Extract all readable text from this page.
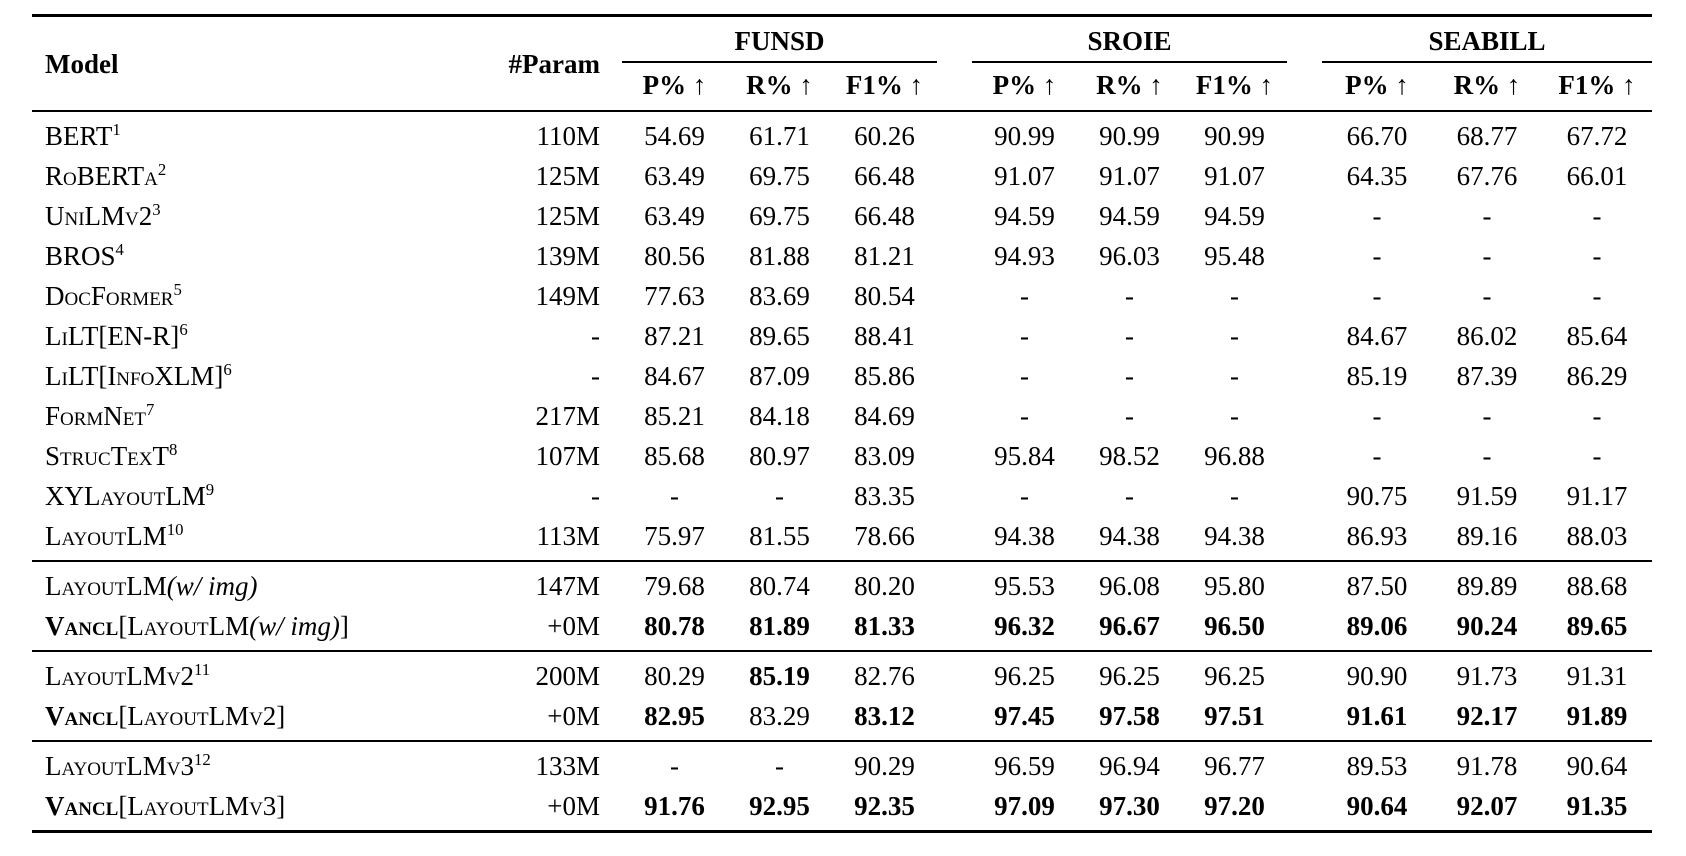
Model	#Param		FUNSD				SROIE				SEABILL		
			P% ↑	R% ↑	F1% ↑		P% ↑	R% ↑	F1% ↑		P% ↑	R% ↑	F1% ↑
BERT$^1$	110M		54.69	61.71	60.26		90.99	90.99	90.99		66.70	68.77	67.72
RoBERTa$^2$	125M		63.49	69.75	66.48		91.07	91.07	91.07		64.35	67.76	66.01
$UniLMv2^3$	125M		63.49	69.75	66.48		94.59	94.59	94.59		-	-	-
BROS$^4$	139M		80.56	81.88	81.21		94.93	96.03	95.48		-	-	-
DocFormer$^5$	149M		77.63	83.69	80.54		-	-	-		-	-	-
$LiLT[EN-R]^6$	-		87.21	89.65	88.41		-	-	-		84.67	86.02	85.64
LiLT[InfoXLM]$^6$	-		84.67	87.09	85.86		-	-	-		85.19	87.39	86.29
FormNet$^7$	217M		85.21	84.18	84.69		-	-	-		-	-	-
StrucTexT$^8$	107M		85.68	80.97	83.09		95.84	98.52	96.88		-	-	-
XYLayoutLM$^9$	-		-	-	83.35		-	-	-		90.75	91.59	91.17
LayoutLM$^{10}$	113M		75.97	81.55	78.66		94.38	94.38	94.38		86.93	89.16	88.03
LayoutLM(w/ img)	147M		79.68	80.74	80.20		95.53	96.08	95.80		87.50	89.89	88.68
Vancl[LayoutLM(w/ img)]	+0M		80.78	81.89	81.33		96.32	96.67	96.50		89.06	90.24	89.65
$LayoutLMv2^{11}$	200M		80.29	85.19	82.76		96.25	96.25	96.25		90.90	91.73	91.31
Vancl[LayoutLMv2]	+0M		82.95	83.29	83.12		97.45	97.58	97.51		91.61	92.17	91.89
$LayoutLMv3^{12}$	133M		-	-	90.29		96.59	96.94	96.77		89.53	91.78	90.64
Vancl[LayoutLMv3]	+0M		91.76	92.95	92.35		97.09	97.30	97.20		90.64	92.07	91.35
